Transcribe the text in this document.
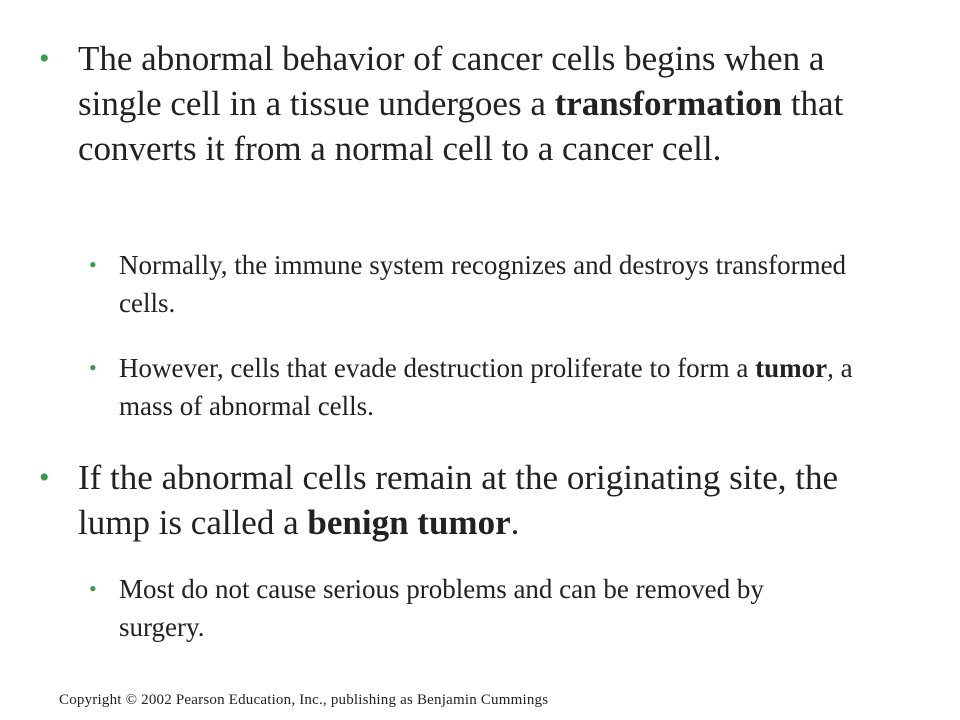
• The abnormal behavior of cancer cells begins when a single cell in a tissue undergoes a transformation that converts it from a normal cell to a cancer cell.
• Normally, the immune system recognizes and destroys transformed cells.
• However, cells that evade destruction proliferate to form a tumor, a mass of abnormal cells.
• If the abnormal cells remain at the originating site, the lump is called a benign tumor.
• Most do not cause serious problems and can be removed by surgery.
Copyright © 2002 Pearson Education, Inc., publishing as Benjamin Cummings
